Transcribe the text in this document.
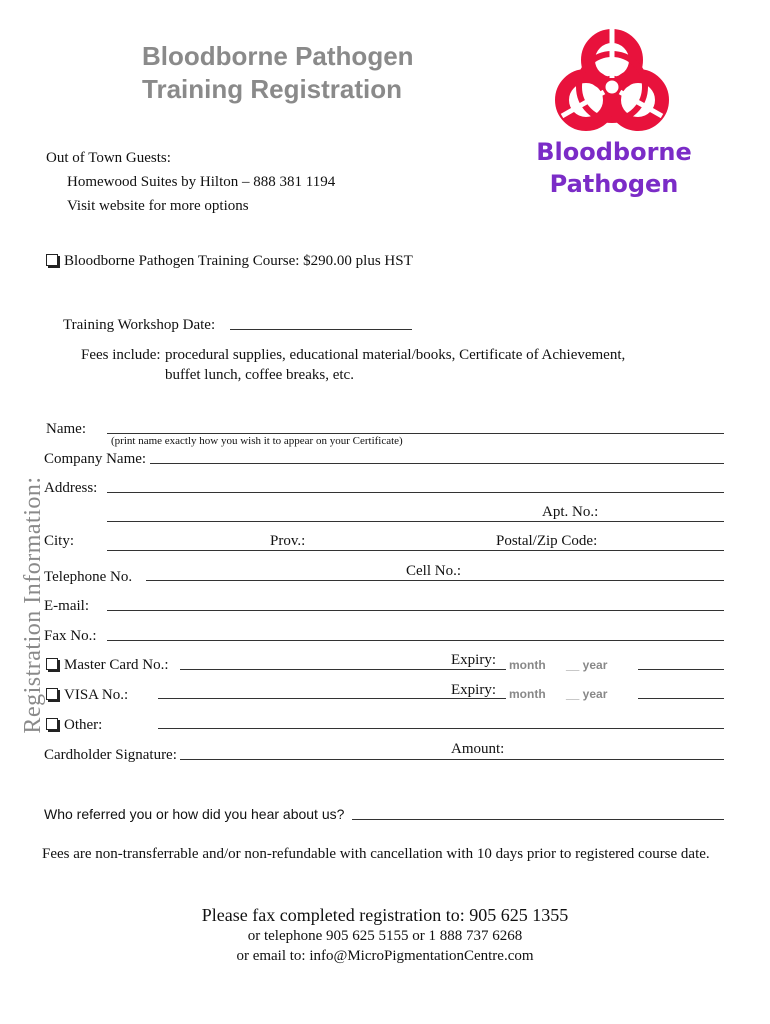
Bloodborne Pathogen
Training Registration
Bloodborne
Pathogen
Out of Town Guests:
Homewood Suites by Hilton – 888 381 1194
Visit website for more options
Bloodborne Pathogen Training Course: $290.00 plus HST
Training Workshop Date:
Fees include: procedural supplies, educational material/books, Certificate of Achievement,
buffet lunch, coffee breaks, etc.
Registration Information:
Name:
(print name exactly how you wish it to appear on your Certificate)
Company Name:
Address:
Apt. No.:
City:	Prov.:	Postal/Zip Code:
Cell No.:
Telephone No.
E-mail:
Fax No.:
Master Card No.:	Expiry: month __ year
VISA No.:	Expiry: month __ year
Other:
Amount:
Cardholder Signature:
Who referred you or how did you hear about us?
Fees are non-transferrable and/or non-refundable with cancellation with 10 days prior to registered course date.
Please fax completed registration to: 905 625 1355
or telephone 905 625 5155 or 1 888 737 6268
or email to: info@MicroPigmentationCentre.com
